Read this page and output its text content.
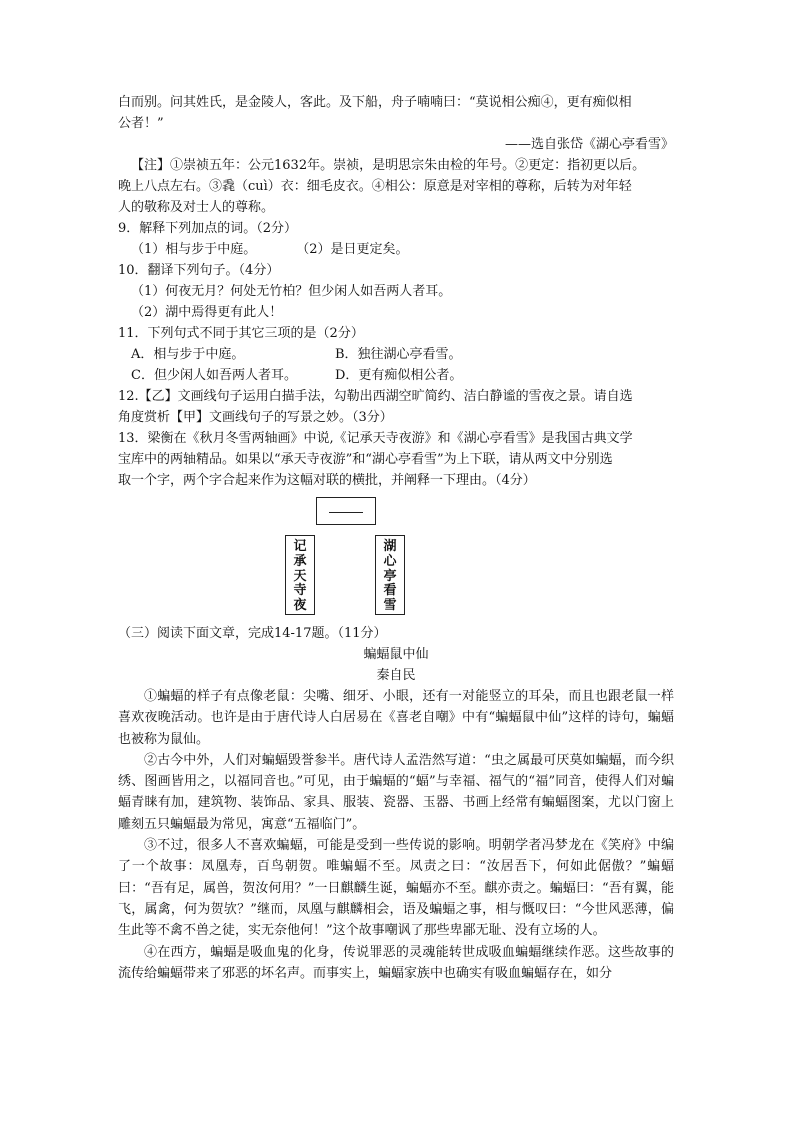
白而别。问其姓氏，是金陵人，客此。及下船，舟子喃喃曰：“莫说相公痴④，更有痴似相
公者！”
——选自张岱《湖心亭看雪》
【注】①崇祯五年：公元1632年。崇祯，是明思宗朱由检的年号。②更定：指初更以后。
晚上八点左右。③毳（cuì）衣：细毛皮衣。④相公：原意是对宰相的尊称，后转为对年轻
人的敬称及对士人的尊称。
9．解释下列加点的词。（2分）
（1）相与步于中庭。	（2）是日更定矣。
10．翻译下列句子。（4分）
（1）何夜无月？何处无竹柏？但少闲人如吾两人者耳。
（2）湖中焉得更有此人！
11．下列句式不同于其它三项的是（2分）
A．相与步于中庭。	B．独往湖心亭看雪。
C．但少闲人如吾两人者耳。	D．更有痴似相公者。
12.【乙】文画线句子运用白描手法，勾勒出西湖空旷简约、洁白静谧的雪夜之景。请自选
角度赏析【甲】文画线句子的写景之妙。（3分）
13．梁衡在《秋月冬雪两轴画》中说,《记承天寺夜游》和《湖心亭看雪》是我国古典文学
宝库中的两轴精品。如果以“承天寺夜游”和“湖心亭看雪”为上下联，请从两文中分别选
取一个字，两个字合起来作为这幅对联的横批，并阐释一下理由。（4分）
记承天寺夜
湖心亭看雪
（三）阅读下面文章，完成14-17题。（11分）
蝙蝠鼠中仙
秦自民
①蝙蝠的样子有点像老鼠：尖嘴、细牙、小眼，还有一对能竖立的耳朵，而且也跟老鼠一样喜欢夜晚活动。也许是由于唐代诗人白居易在《喜老自嘲》中有“蝙蝠鼠中仙”这样的诗句，蝙蝠也被称为鼠仙。
②古今中外，人们对蝙蝠毁誉参半。唐代诗人孟浩然写道：“虫之属最可厌莫如蝙蝠，而今织绣、图画皆用之，以福同音也。”可见，由于蝙蝠的“蝠”与幸福、福气的“福”同音，使得人们对蝙蝠青睐有加，建筑物、装饰品、家具、服装、瓷器、玉器、书画上经常有蝙蝠图案，尤以门窗上雕刻五只蝙蝠最为常见，寓意“五福临门”。
③不过，很多人不喜欢蝙蝠，可能是受到一些传说的影响。明朝学者冯梦龙在《笑府》中编了一个故事：凤凰寿，百鸟朝贺。唯蝙蝠不至。凤责之曰：“汝居吾下，何如此倨傲？”蝙蝠曰：“吾有足，属兽，贺汝何用？”一日麒麟生诞，蝙蝠亦不至。麒亦责之。蝙蝠曰：“吾有翼，能飞，属禽，何为贺欤？”继而，凤凰与麒麟相会，语及蝙蝠之事，相与慨叹曰：“今世风恶薄，偏生此等不禽不兽之徒，实无奈他何！”这个故事嘲讽了那些卑鄙无耻、没有立场的人。
④在西方，蝙蝠是吸血鬼的化身，传说罪恶的灵魂能转世成吸血蝙蝠继续作恶。这些故事的流传给蝙蝠带来了邪恶的坏名声。而事实上，蝙蝠家族中也确实有吸血蝙蝠存在，如分
